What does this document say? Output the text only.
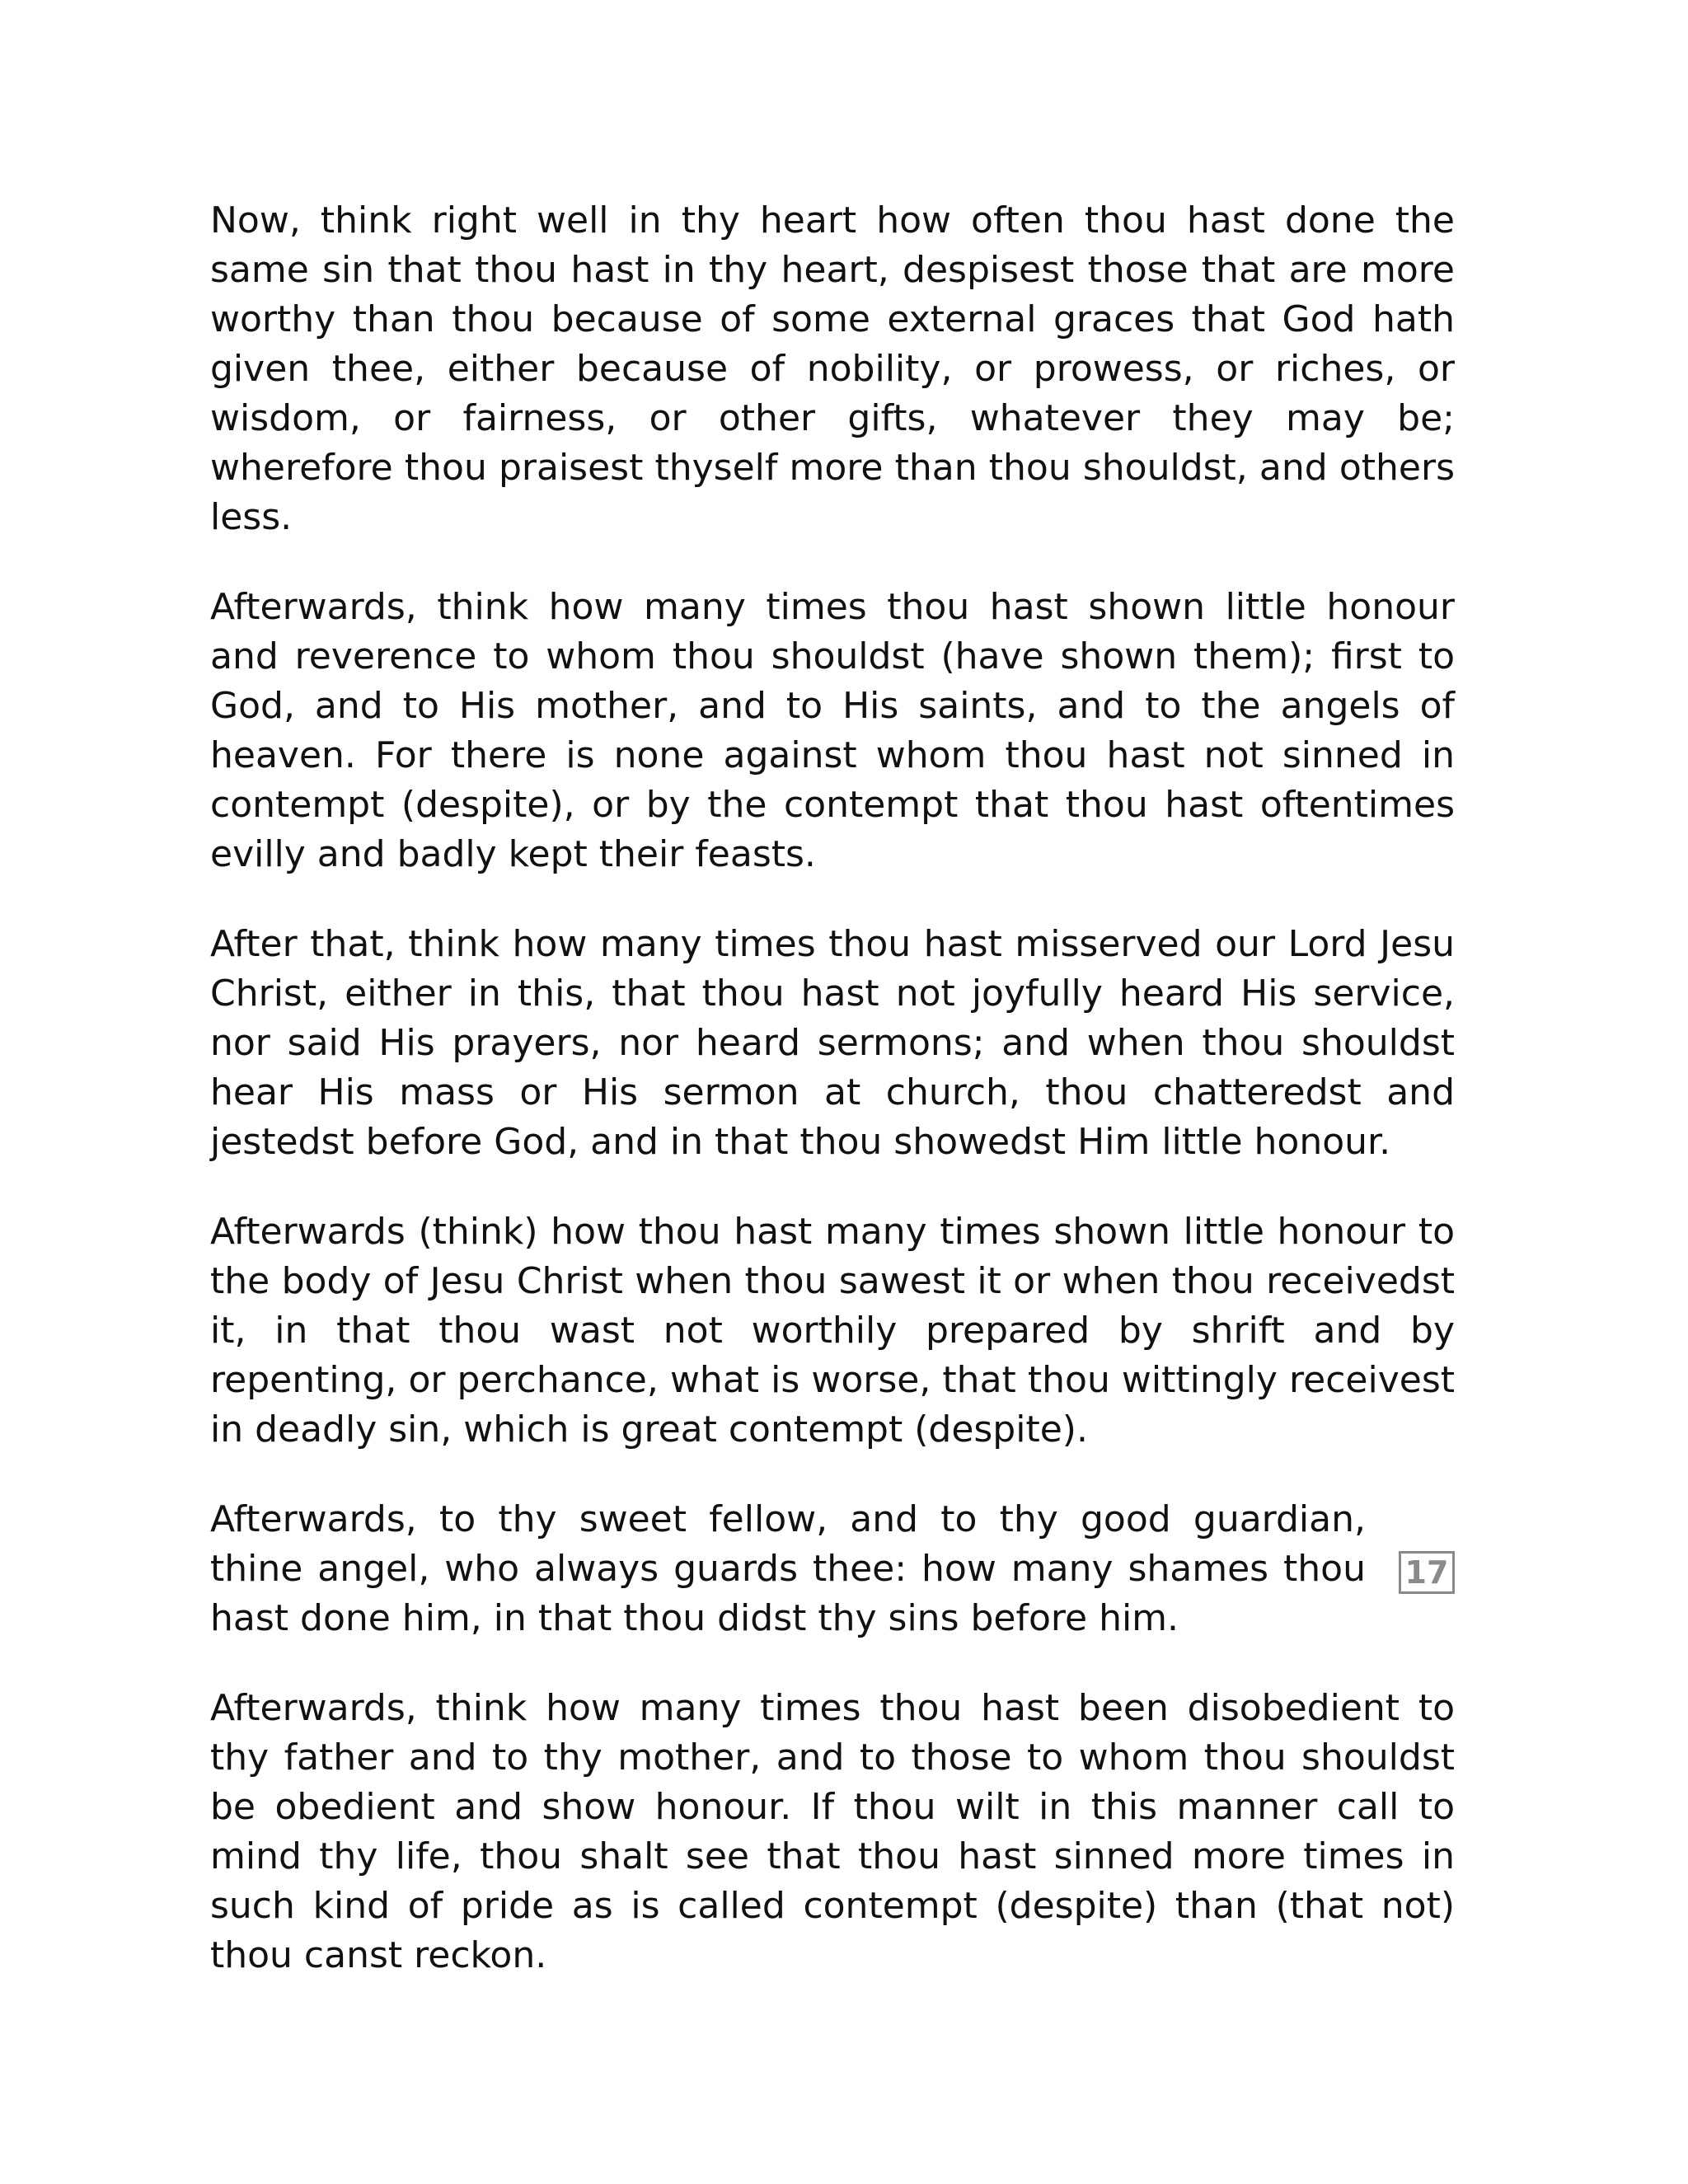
Now, think right well in thy heart how often thou hast done the same sin that thou hast in thy heart, despisest those that are more worthy than thou because of some external graces that God hath given thee, either because of nobility, or prowess, or riches, or wisdom, or fairness, or other gifts, whatever they may be; wherefore thou praisest thyself more than thou shouldst, and others less.

Afterwards, think how many times thou hast shown little honour and reverence to whom thou shouldst (have shown them); first to God, and to His mother, and to His saints, and to the angels of heaven. For there is none against whom thou hast not sinned in contempt (despite), or by the contempt that thou hast oftentimes evilly and badly kept their feasts.

After that, think how many times thou hast misserved our Lord Jesu Christ, either in this, that thou hast not joyfully heard His service, nor said His prayers, nor heard sermons; and when thou shouldst hear His mass or His sermon at church, thou chatteredst and jestedst before God, and in that thou showedst Him little honour.

Afterwards (think) how thou hast many times shown little honour to the body of Jesu Christ when thou sawest it or when thou receivedst it, in that thou wast not worthily prepared by shrift and by repenting, or perchance, what is worse, that thou wittingly receivest in deadly sin, which is great contempt (despite).

17
Afterwards, to thy sweet fellow, and to thy good guardian, thine angel, who always guards thee: how many shames thou hast done him, in that thou didst thy sins before him.

Afterwards, think how many times thou hast been disobedient to thy father and to thy mother, and to those to whom thou shouldst be obedient and show honour. If thou wilt in this manner call to mind thy life, thou shalt see that thou hast sinned more times in such kind of pride as is called contempt (despite) than (that not) thou canst reckon.
